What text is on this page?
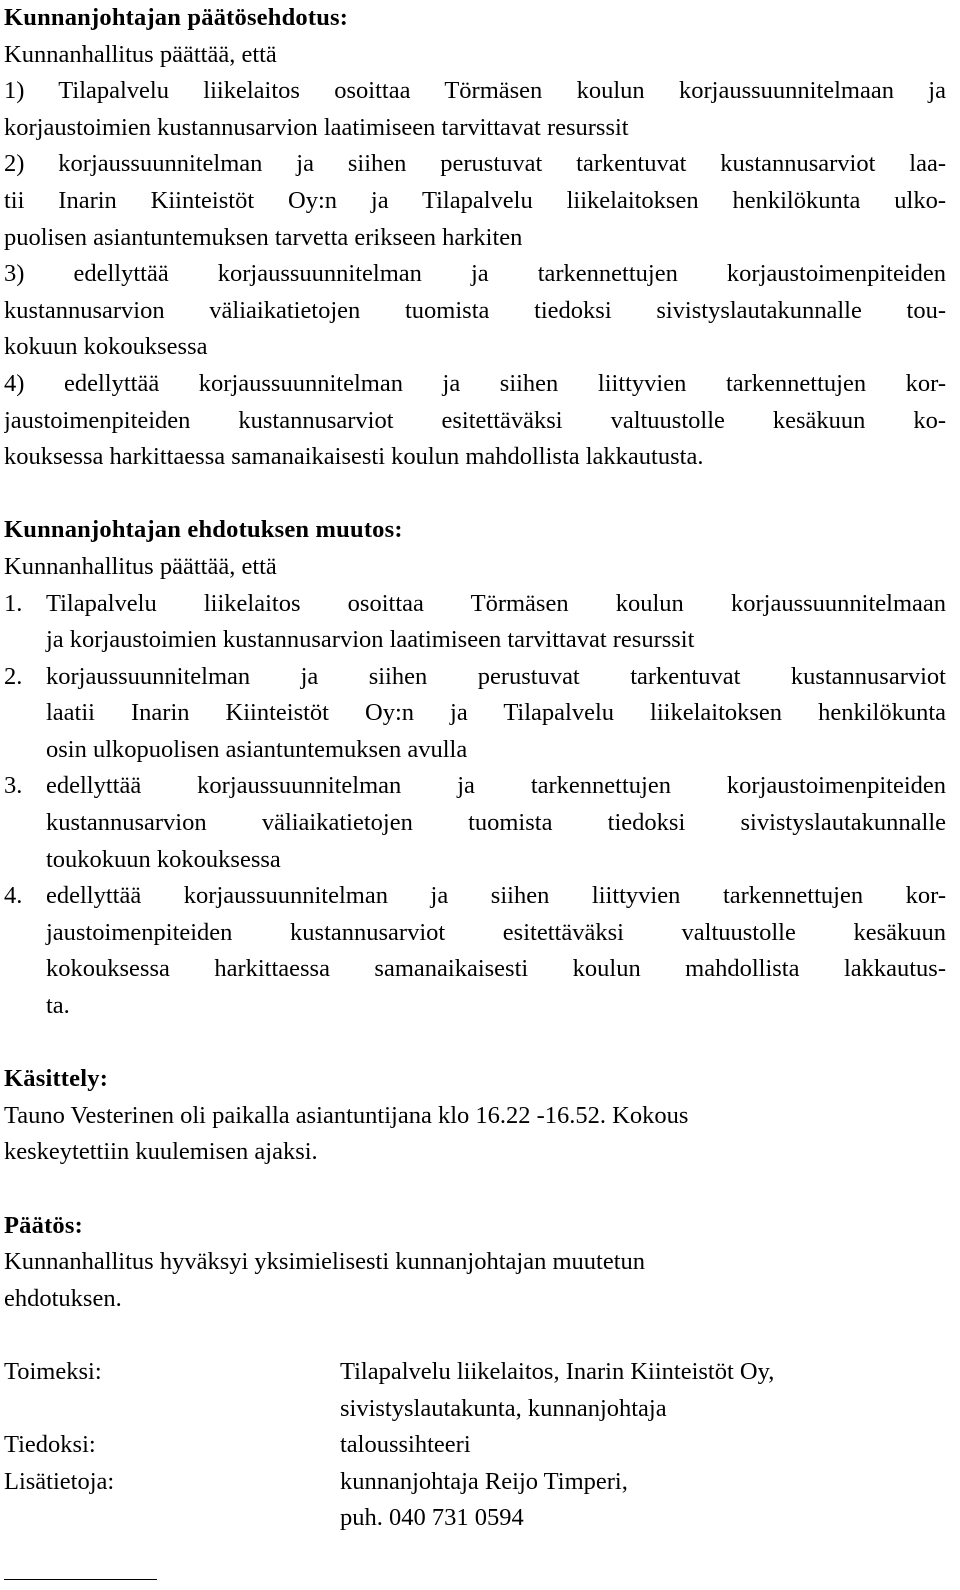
Kunnanjohtajan päätösehdotus:
Kunnanhallitus päättää, että
1) Tilapalvelu liikelaitos osoittaa Törmäsen koulun korjaussuunnitelmaan ja
korjaustoimien kustannusarvion laatimiseen tarvittavat resurssit
2) korjaussuunnitelman ja siihen perustuvat tarkentuvat kustannusarviot laa-
tii Inarin Kiinteistöt Oy:n ja Tilapalvelu liikelaitoksen henkilökunta ulko-
puolisen asiantuntemuksen tarvetta erikseen harkiten
3) edellyttää korjaussuunnitelman ja tarkennettujen korjaustoimenpiteiden
kustannusarvion väliaikatietojen tuomista tiedoksi sivistyslautakunnalle tou-
kokuun kokouksessa
4) edellyttää korjaussuunnitelman ja siihen liittyvien tarkennettujen kor-
jaustoimenpiteiden kustannusarviot esitettäväksi valtuustolle kesäkuun ko-
kouksessa harkittaessa samanaikaisesti koulun mahdollista lakkautusta.
Kunnanjohtajan ehdotuksen muutos:
Kunnanhallitus päättää, että
1. Tilapalvelu liikelaitos osoittaa Törmäsen koulun korjaussuunnitelmaan
ja korjaustoimien kustannusarvion laatimiseen tarvittavat resurssit
2. korjaussuunnitelman ja siihen perustuvat tarkentuvat kustannusarviot
laatii Inarin Kiinteistöt Oy:n ja Tilapalvelu liikelaitoksen henkilökunta
osin ulkopuolisen asiantuntemuksen avulla
3. edellyttää korjaussuunnitelman ja tarkennettujen korjaustoimenpiteiden
kustannusarvion väliaikatietojen tuomista tiedoksi sivistyslautakunnalle
toukokuun kokouksessa
4. edellyttää korjaussuunnitelman ja siihen liittyvien tarkennettujen kor-
jaustoimenpiteiden kustannusarviot esitettäväksi valtuustolle kesäkuun
kokouksessa harkittaessa samanaikaisesti koulun mahdollista lakkautus-
ta.
Käsittely:
Tauno Vesterinen oli paikalla asiantuntijana klo 16.22 -16.52. Kokous
keskeytettiin kuulemisen ajaksi.
Päätös:
Kunnanhallitus hyväksyi yksimielisesti kunnanjohtajan muutetun
ehdotuksen.
Toimeksi:	Tilapalvelu liikelaitos, Inarin Kiinteistöt Oy,
sivistyslautakunta, kunnanjohtaja
Tiedoksi:	taloussihteeri
Lisätietoja:	kunnanjohtaja Reijo Timperi,
puh. 040 731 0594
